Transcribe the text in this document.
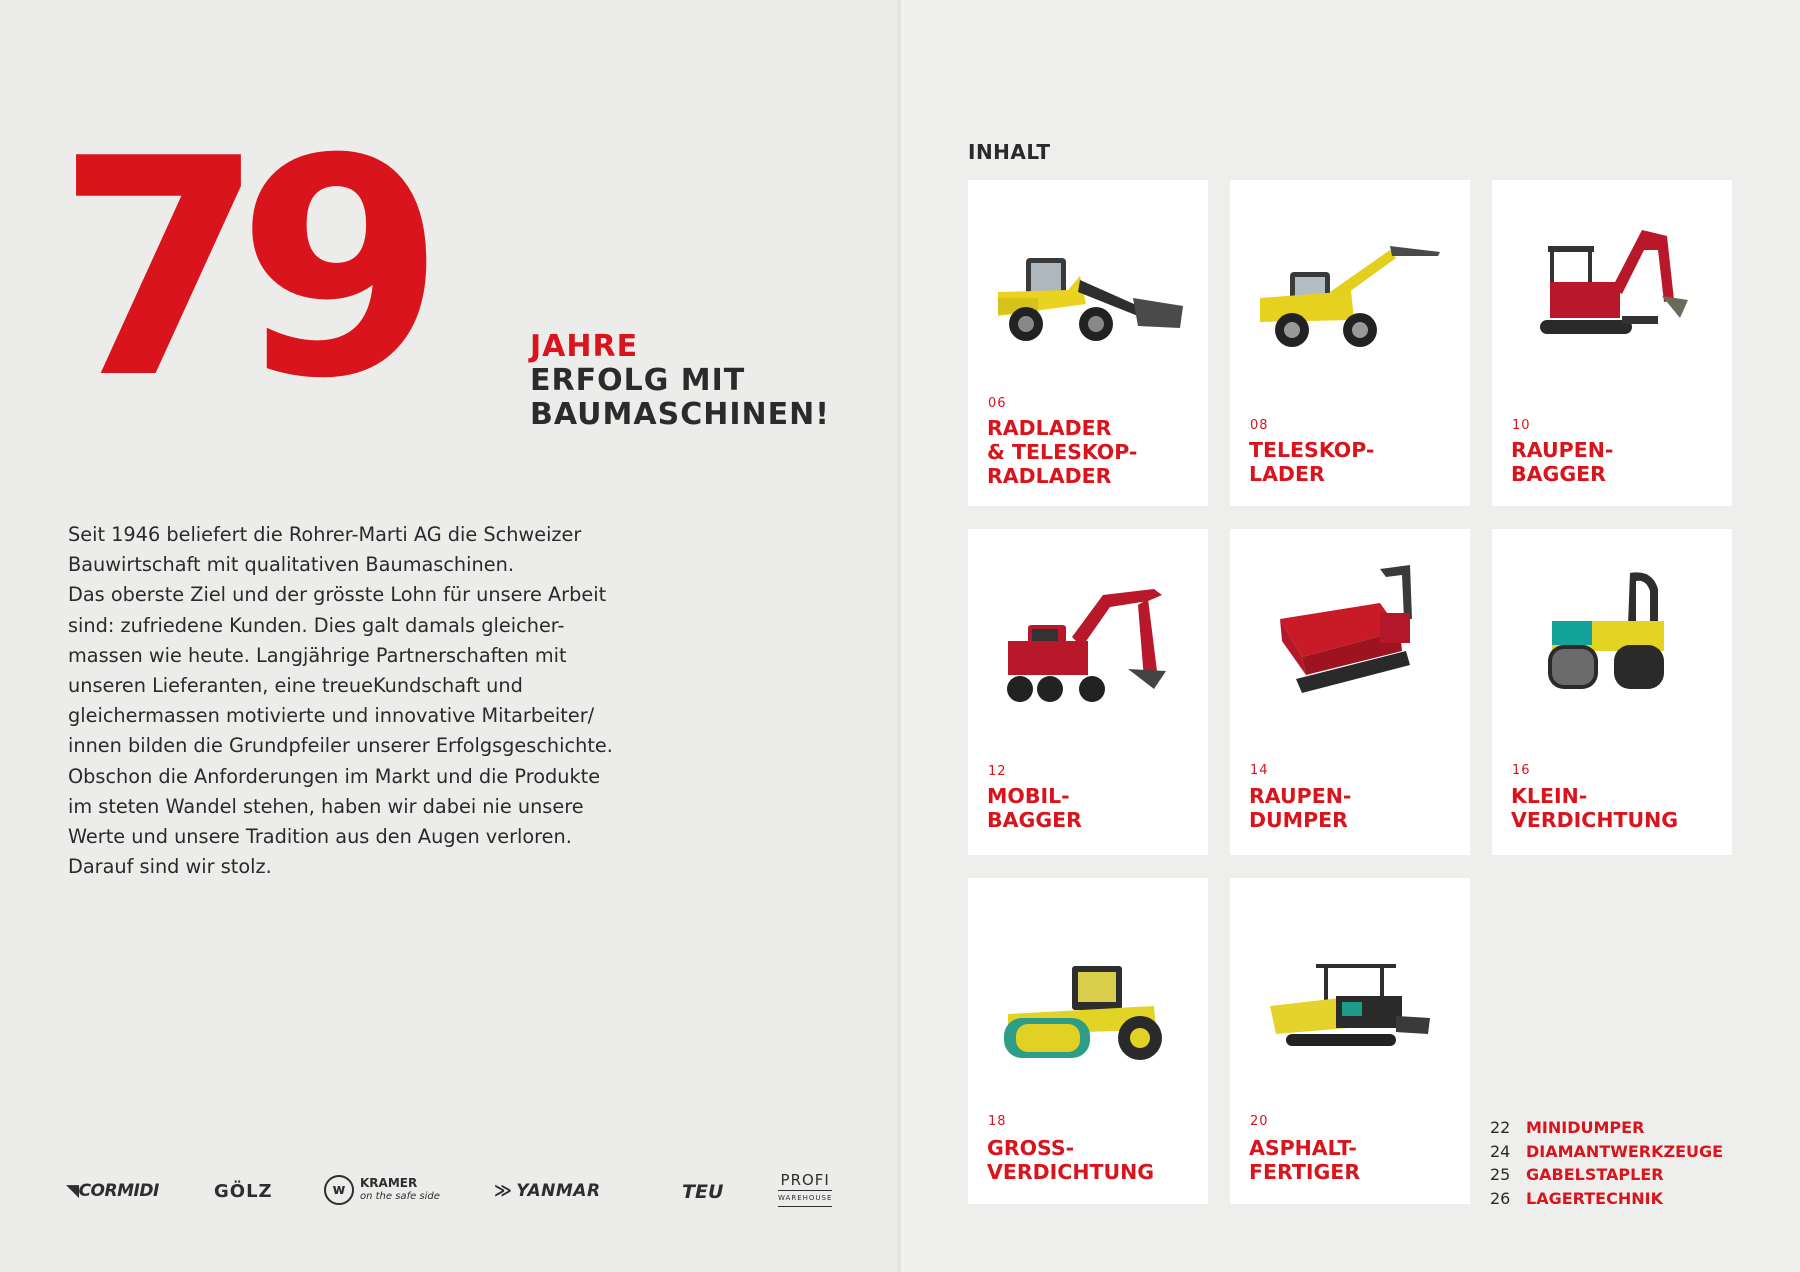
79	JAHRE
ERFOLG MIT
BAUMASCHINEN!
Seit 1946 beliefert die Rohrer-Marti AG die Schweizer
Bauwirtschaft mit qualitativen Baumaschinen.
Das oberste Ziel und der grösste Lohn für unsere Arbeit
sind: zufriedene Kunden. Dies galt damals gleicher-
massen wie heute. Langjährige Partnerschaften mit
unseren Lieferanten, eine treueKundschaft und
gleichermassen motivierte und innovative Mitarbeiter/
innen bilden die Grundpfeiler unserer Erfolgsgeschichte.
Obschon die Anforderungen im Markt und die Produkte
im steten Wandel stehen, haben wir dabei nie unsere
Werte und unsere Tradition aus den Augen verloren.
Darauf sind wir stolz.
◥CORMIDI	GÖLZ	w KRAMER
on the safe side	≫ YANMAR	TEU
PROFI
WAREHOUSE
INHALT
06
RADLADER
& TELESKOP-
RADLADER
08
TELESKOP-
LADER
10
RAUPEN-
BAGGER
12
MOBIL-
BAGGER
14
RAUPEN-
DUMPER
16
KLEIN-
VERDICHTUNG
18
GROSS-
VERDICHTUNG
20
ASPHALT-
FERTIGER
22 MINIDUMPER
24 DIAMANTWERKZEUGE
25 GABELSTAPLER
26 LAGERTECHNIK
